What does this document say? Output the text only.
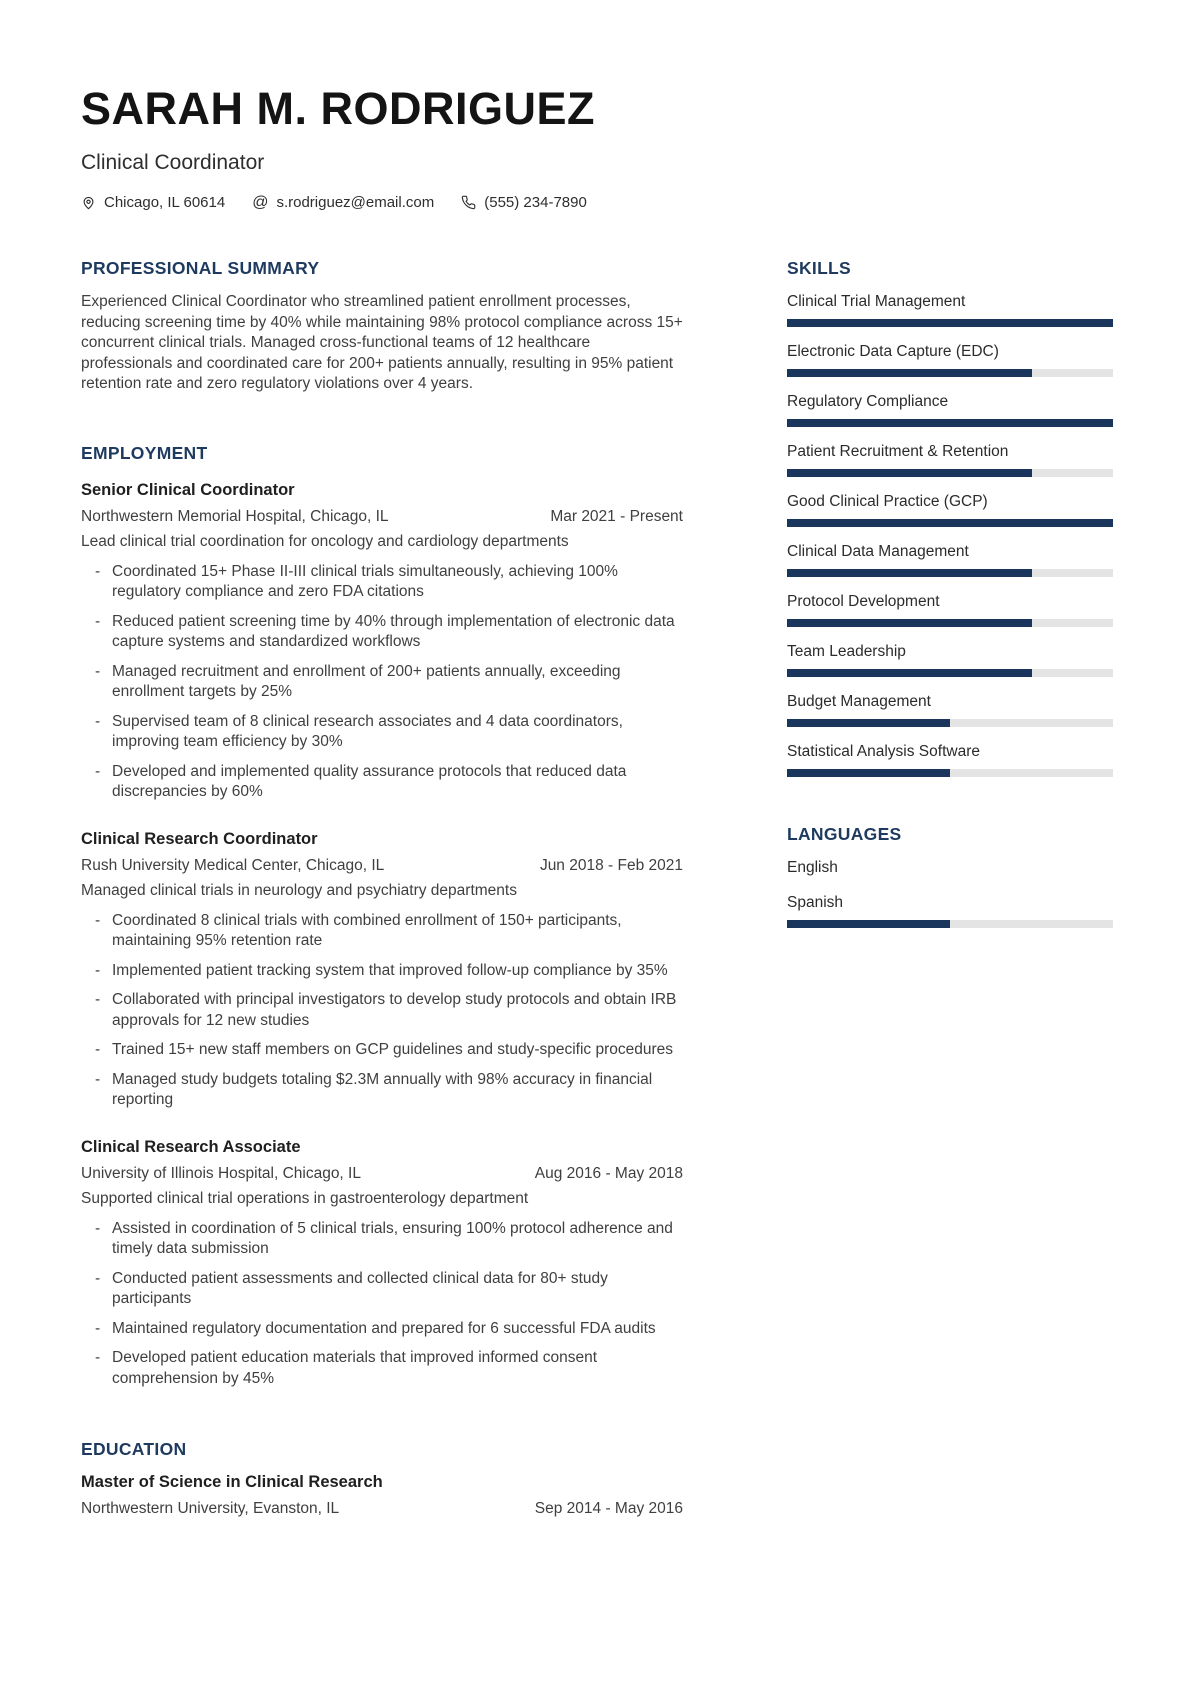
SARAH M. RODRIGUEZ
Clinical Coordinator
Chicago, IL 60614 @ s.rodriguez@email.com	(555) 234-7890
PROFESSIONAL SUMMARY

Experienced Clinical Coordinator who streamlined patient enrollment processes, reducing screening time by 40% while maintaining 98% protocol compliance across 15+ concurrent clinical trials. Managed cross-functional teams of 12 healthcare professionals and coordinated care for 200+ patients annually, resulting in 95% patient retention rate and zero regulatory violations over 4 years.

EMPLOYMENT
Senior Clinical Coordinator
Northwestern Memorial Hospital, Chicago, IL	Mar 2021 - Present

Lead clinical trial coordination for oncology and cardiology departments

- Coordinated 15+ Phase II-III clinical trials simultaneously, achieving 100% regulatory compliance and zero FDA citations
- Reduced patient screening time by 40% through implementation of electronic data capture systems and standardized workflows
- Managed recruitment and enrollment of 200+ patients annually, exceeding enrollment targets by 25%
- Supervised team of 8 clinical research associates and 4 data coordinators, improving team efficiency by 30%
- Developed and implemented quality assurance protocols that reduced data discrepancies by 60%
Clinical Research Coordinator
Rush University Medical Center, Chicago, IL	Jun 2018 - Feb 2021

Managed clinical trials in neurology and psychiatry departments

- Coordinated 8 clinical trials with combined enrollment of 150+ participants, maintaining 95% retention rate
- Implemented patient tracking system that improved follow-up compliance by 35%
- Collaborated with principal investigators to develop study protocols and obtain IRB approvals for 12 new studies
- Trained 15+ new staff members on GCP guidelines and study-specific procedures
- Managed study budgets totaling $2.3M annually with 98% accuracy in financial reporting
Clinical Research Associate
University of Illinois Hospital, Chicago, IL	Aug 2016 - May 2018

Supported clinical trial operations in gastroenterology department

- Assisted in coordination of 5 clinical trials, ensuring 100% protocol adherence and timely data submission
- Conducted patient assessments and collected clinical data for 80+ study participants
- Maintained regulatory documentation and prepared for 6 successful FDA audits
- Developed patient education materials that improved informed consent comprehension by 45%
EDUCATION
Master of Science in Clinical Research
Northwestern University, Evanston, IL	Sep 2014 - May 2016
SKILLS
Clinical Trial Management
Electronic Data Capture (EDC)
Regulatory Compliance
Patient Recruitment & Retention
Good Clinical Practice (GCP)
Clinical Data Management
Protocol Development
Team Leadership
Budget Management
Statistical Analysis Software
LANGUAGES
English
Spanish
